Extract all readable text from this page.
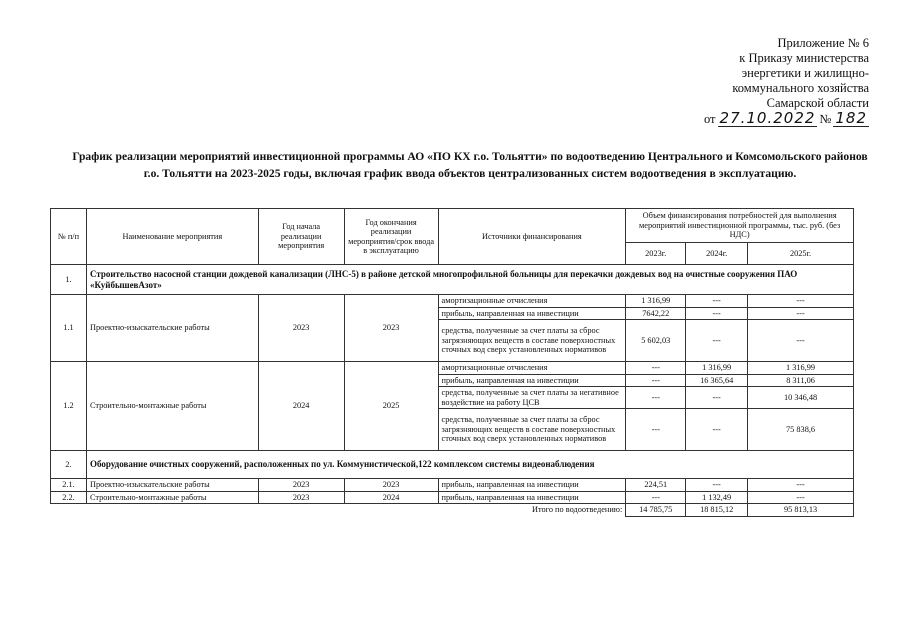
Приложение № 6
к Приказу министерства
энергетики и жилищно-
коммунального хозяйства
Самарской области
от 27.10.2022 № 182
График реализации мероприятий инвестиционной программы АО «ПО КХ г.о. Тольятти» по водоотведению Центрального и Комсомольского районов г.о. Тольятти на 2023-2025 годы, включая график ввода объектов централизованных систем водоотведения в эксплуатацию.
№ п/п	Наименование мероприятия	Год начала реализации мероприятия	Год окончания реализации мероприятия/срок ввода в эксплуатацию	Источники финансирования	Объем финансирования потребностей для выполнения мероприятий инвестиционной программы, тыс. руб. (без НДС)		
					2023г.	2024г.	2025г.
1.	Строительство насосной станции дождевой канализации (ЛНС-5) в районе детской многопрофильной больницы для перекачки дождевых вод на очистные сооружения ПАО «КуйбышевАзот»						
1.1	Проектно-изыскательские работы	2023	2023	амортизационные отчисления	1 316,99	---	---
				прибыль, направленная на инвестиции	7642,22	---	---
				средства, полученные за счет платы за сброс загрязняющих веществ в составе поверхностных сточных вод сверх установленных нормативов	5 602,03	---	---
1.2	Строительно-монтажные работы	2024	2025	амортизационные отчисления	---	1 316,99	1 316,99
				прибыль, направленная на инвестиции	---	16 365,64	8 311,06
				средства, полученные за счет платы за негативное воздействие на работу ЦСВ	---	---	10 346,48
				средства, полученные за счет платы за сброс загрязняющих веществ в составе поверхностных сточных вод сверх установленных нормативов	---	---	75 838,6
2.	Оборудование очистных сооружений, расположенных по ул. Коммунистической,122 комплексом системы видеонаблюдения						
2.1.	Проектно-изыскательские работы	2023	2023	прибыль, направленная на инвестиции	224,51	---	---
2.2.	Строительно-монтажные работы	2023	2024	прибыль, направленная на инвестиции	---	1 132,49	---
Итого по водоотведению:					14 785,75	18 815,12	95 813,13
